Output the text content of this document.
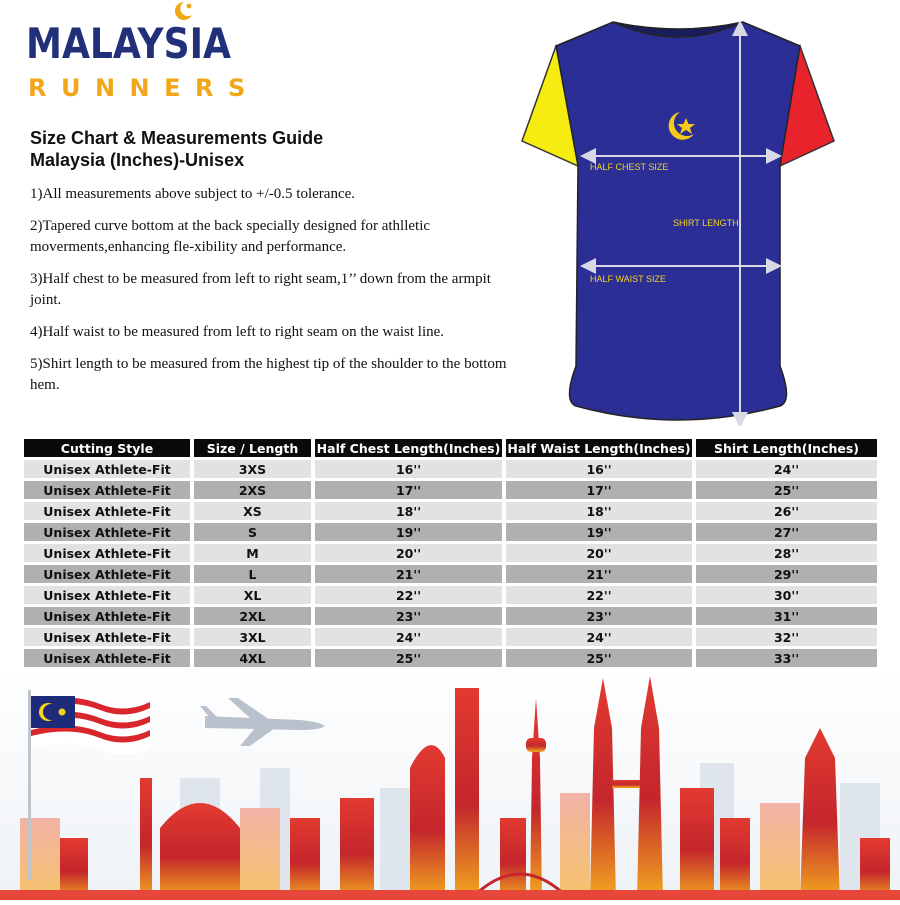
MALAYSIA
RUNNERS
Size Chart & Measurements Guide
Malaysia (Inches)-Unisex

1)All measurements above subject to +/-0.5 tolerance.

2)Tapered curve bottom at the back specially designed for athlletic moverments,enhancing fle-xibility and performance.

3)Half chest to be measured from left to right seam,1’’ down from the armpit joint.

4)Half waist to be measured from left to right seam on the waist line.

5)Shirt length to be measured from the highest tip of the shoulder to the bottom hem.

HALF CHEST SIZE
SHIRT LENGTH
HALF WAIST SIZE
Cutting Style	Size / Length	Half Chest Length(Inches)	Half Waist Length(Inches)	Shirt Length(Inches)
Unisex Athlete-Fit	3XS	16''	16''	24''
Unisex Athlete-Fit	2XS	17''	17''	25''
Unisex Athlete-Fit	XS	18''	18''	26''
Unisex Athlete-Fit	S	19''	19''	27''
Unisex Athlete-Fit	M	20''	20''	28''
Unisex Athlete-Fit	L	21''	21''	29''
Unisex Athlete-Fit	XL	22''	22''	30''
Unisex Athlete-Fit	2XL	23''	23''	31''
Unisex Athlete-Fit	3XL	24''	24''	32''
Unisex Athlete-Fit	4XL	25''	25''	33''
